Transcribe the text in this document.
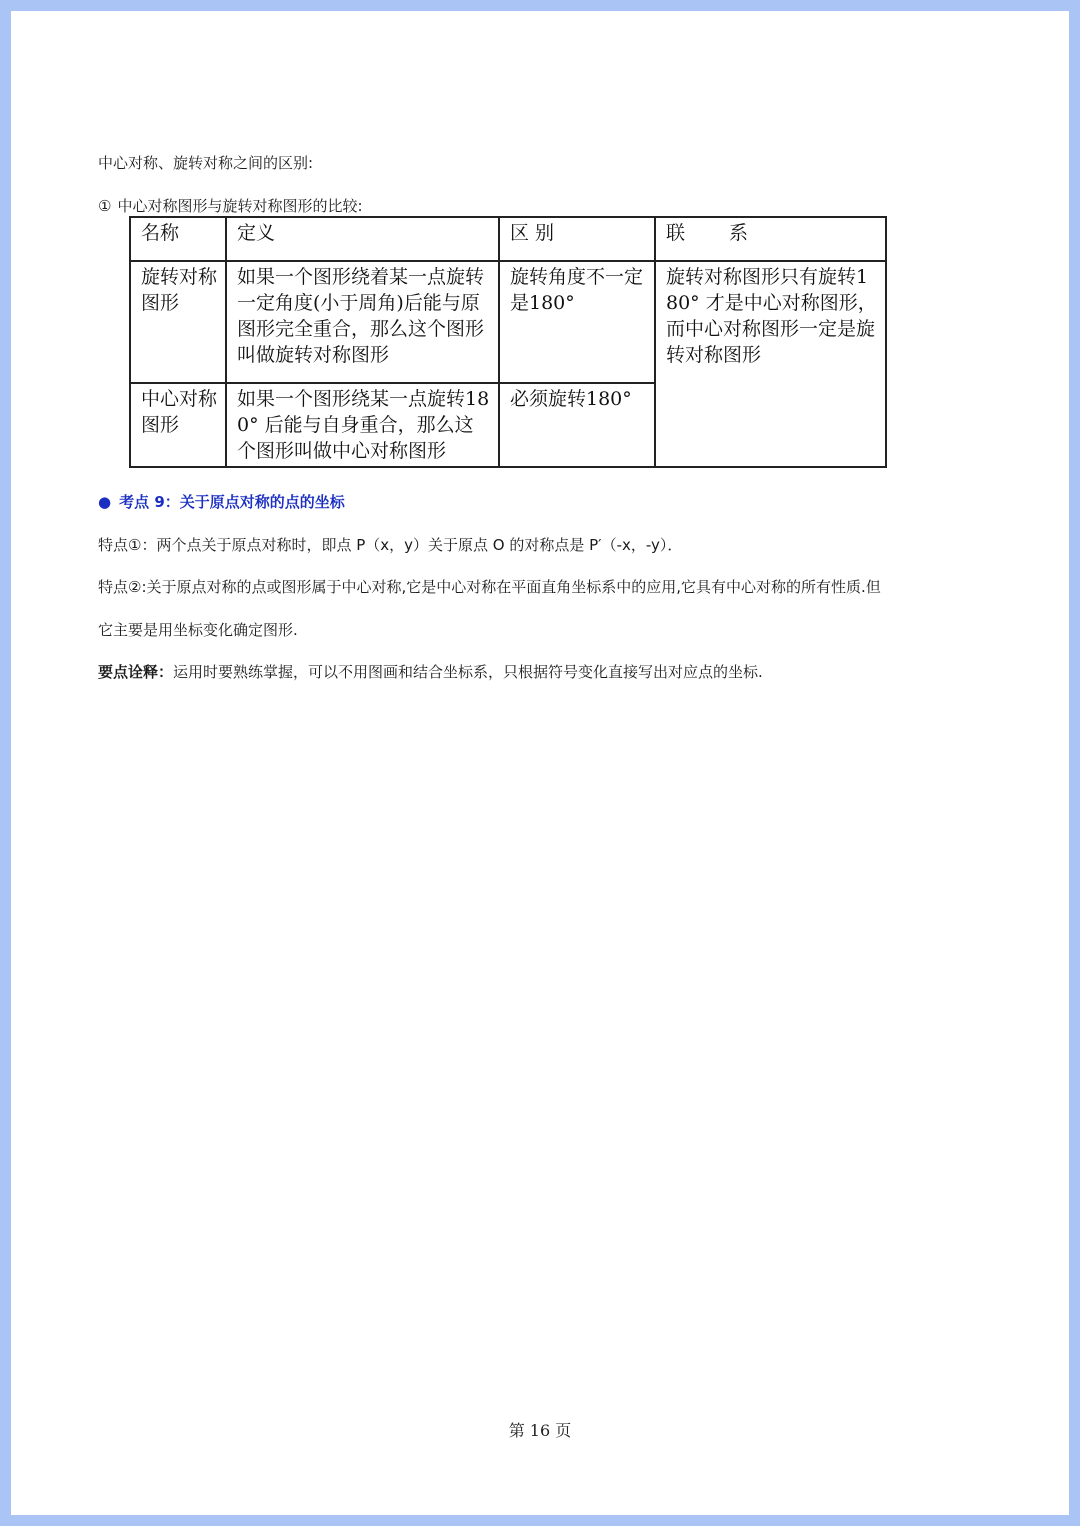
中心对称、旋转对称之间的区别:
① 中心对称图形与旋转对称图形的比较:
名称	定义	区 别	联　　 系
旋转对称图形	如果一个图形绕着某一点旋转一定角度(小于周角)后能与原图形完全重合，那么这个图形叫做旋转对称图形	旋转角度不一定是180°	旋转对称图形只有旋转180° 才是中心对称图形，而中心对称图形一定是旋转对称图形
中心对称图形	如果一个图形绕某一点旋转180° 后能与自身重合，那么这个图形叫做中心对称图形	必须旋转180°	
● 考点 9：关于原点对称的点的坐标
特点①：两个点关于原点对称时，即点 P（x，y）关于原点 O 的对称点是 P′（-x，-y）．
特点②:关于原点对称的点或图形属于中心对称,它是中心对称在平面直角坐标系中的应用,它具有中心对称的所有性质.但
它主要是用坐标变化确定图形.
要点诠释：运用时要熟练掌握，可以不用图画和结合坐标系，只根据符号变化直接写出对应点的坐标.
第 16 页
